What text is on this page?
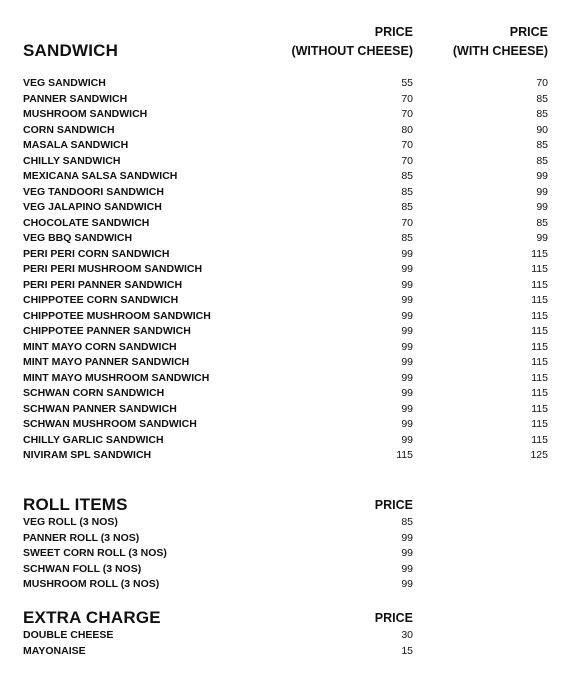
SANDWICH
PRICE
(WITHOUT CHEESE)
PRICE
(WITH CHEESE)
VEG SANDWICH	55	70
PANNER SANDWICH	70	85
MUSHROOM SANDWICH	70	85
CORN SANDWICH	80	90
MASALA SANDWICH	70	85
CHILLY SANDWICH	70	85
MEXICANA SALSA SANDWICH	85	99
VEG TANDOORI SANDWICH	85	99
VEG JALAPINO SANDWICH	85	99
CHOCOLATE SANDWICH	70	85
VEG BBQ SANDWICH	85	99
PERI PERI CORN SANDWICH	99	115
PERI PERI MUSHROOM SANDWICH	99	115
PERI PERI PANNER SANDWICH	99	115
CHIPPOTEE CORN SANDWICH	99	115
CHIPPOTEE MUSHROOM SANDWICH	99	115
CHIPPOTEE PANNER SANDWICH	99	115
MINT MAYO CORN SANDWICH	99	115
MINT MAYO PANNER SANDWICH	99	115
MINT MAYO MUSHROOM SANDWICH	99	115
SCHWAN CORN SANDWICH	99	115
SCHWAN PANNER SANDWICH	99	115
SCHWAN MUSHROOM SANDWICH	99	115
CHILLY GARLIC SANDWICH	99	115
NIVIRAM SPL SANDWICH	115	125
ROLL ITEMS	PRICE
VEG ROLL (3 NOS)	85
PANNER ROLL (3 NOS)	99
SWEET CORN ROLL (3 NOS)	99
SCHWAN FOLL (3 NOS)	99
MUSHROOM ROLL (3 NOS)	99
EXTRA CHARGE	PRICE
DOUBLE CHEESE	30
MAYONAISE	15
